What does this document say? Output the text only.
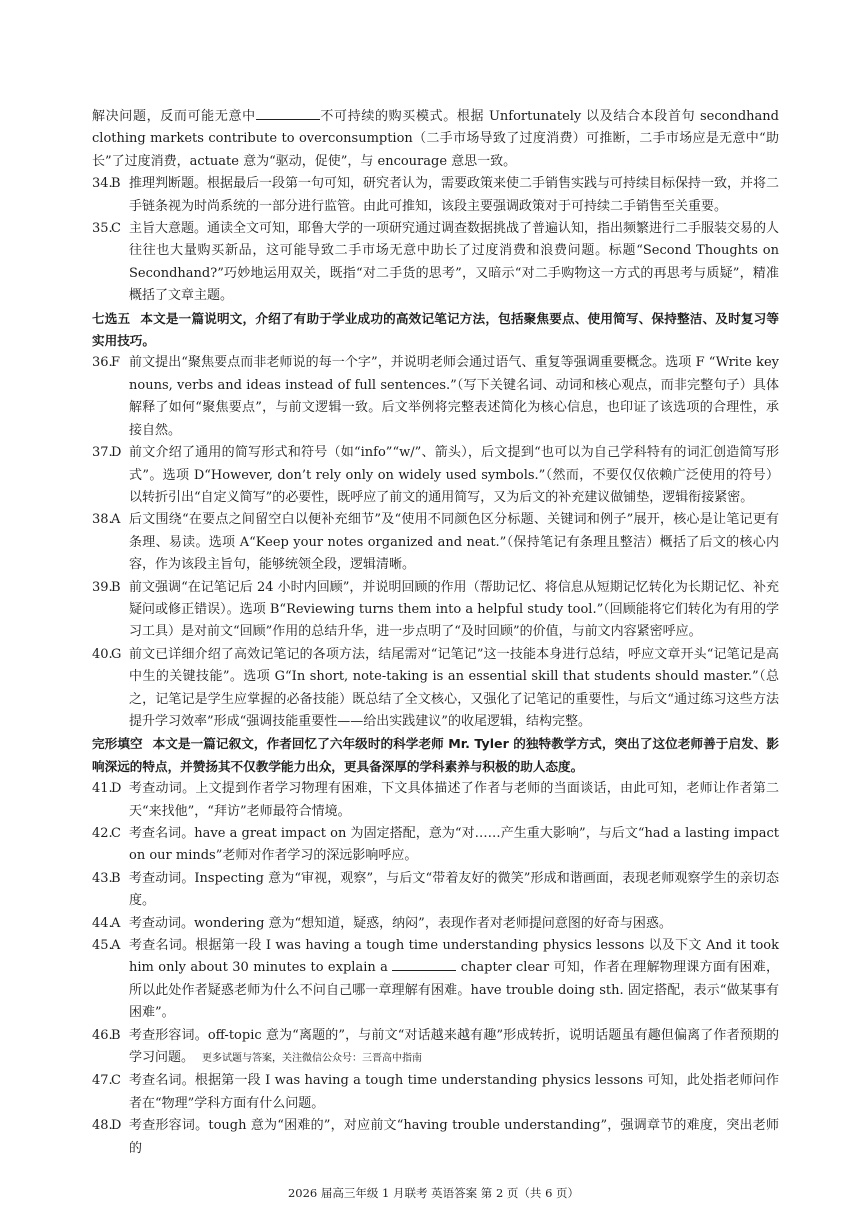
解决问题，反而可能无意中	不可持续的购买模式。根据 Unfortunately 以及结合本段首句 secondhand clothing markets contribute to overconsumption（二手市场导致了过度消费）可推断，二手市场应是无意中“助长”了过度消费，actuate 意为“驱动，促使”，与 encourage 意思一致。

34.B 推理判断题。根据最后一段第一句可知，研究者认为，需要政策来使二手销售实践与可持续目标保持一致，并将二手链条视为时尚系统的一部分进行监管。由此可推知，该段主要强调政策对于可持续二手销售至关重要。

35.C 主旨大意题。通读全文可知，耶鲁大学的一项研究通过调查数据挑战了普遍认知，指出频繁进行二手服装交易的人往往也大量购买新品，这可能导致二手市场无意中助长了过度消费和浪费问题。标题“Second Thoughts on Secondhand?”巧妙地运用双关，既指“对二手货的思考”，又暗示“对二手购物这一方式的再思考与质疑”，精准概括了文章主题。

七选五 本文是一篇说明文，介绍了有助于学业成功的高效记笔记方法，包括聚焦要点、使用简写、保持整洁、及时复习等实用技巧。

36.F 前文提出“聚焦要点而非老师说的每一个字”，并说明老师会通过语气、重复等强调重要概念。选项 F “Write key nouns, verbs and ideas instead of full sentences.”（写下关键名词、动词和核心观点，而非完整句子）具体解释了如何“聚焦要点”，与前文逻辑一致。后文举例将完整表述简化为核心信息，也印证了该选项的合理性，承接自然。

37.D 前文介绍了通用的简写形式和符号（如“info”“w/”、箭头），后文提到“也可以为自己学科特有的词汇创造简写形式”。选项 D“However, don’t rely only on widely used symbols.”（然而，不要仅仅依赖广泛使用的符号）以转折引出“自定义简写”的必要性，既呼应了前文的通用简写，又为后文的补充建议做铺垫，逻辑衔接紧密。

38.A 后文围绕“在要点之间留空白以便补充细节”及“使用不同颜色区分标题、关键词和例子”展开，核心是让笔记更有条理、易读。选项 A“Keep your notes organized and neat.”（保持笔记有条理且整洁）概括了后文的核心内容，作为该段主旨句，能够统领全段，逻辑清晰。

39.B 前文强调“在记笔记后 24 小时内回顾”，并说明回顾的作用（帮助记忆、将信息从短期记忆转化为长期记忆、补充疑问或修正错误）。选项 B“Reviewing turns them into a helpful study tool.”（回顾能将它们转化为有用的学习工具）是对前文“回顾”作用的总结升华，进一步点明了“及时回顾”的价值，与前文内容紧密呼应。

40.G 前文已详细介绍了高效记笔记的各项方法，结尾需对“记笔记”这一技能本身进行总结，呼应文章开头“记笔记是高中生的关键技能”。选项 G“In short, note-taking is an essential skill that students should master.”（总之，记笔记是学生应掌握的必备技能）既总结了全文核心，又强化了记笔记的重要性，与后文“通过练习这些方法提升学习效率”形成“强调技能重要性——给出实践建议”的收尾逻辑，结构完整。

完形填空 本文是一篇记叙文，作者回忆了六年级时的科学老师 Mr. Tyler 的独特教学方式，突出了这位老师善于启发、影响深远的特点，并赞扬其不仅教学能力出众，更具备深厚的学科素养与积极的助人态度。

41.D 考查动词。上文提到作者学习物理有困难，下文具体描述了作者与老师的当面谈话，由此可知，老师让作者第二天“来找他”，“拜访”老师最符合情境。

42.C 考查名词。have a great impact on 为固定搭配，意为“对……产生重大影响”，与后文“had a lasting impact on our minds”老师对作者学习的深远影响呼应。

43.B 考查动词。Inspecting 意为“审视，观察”，与后文“带着友好的微笑”形成和谐画面，表现老师观察学生的亲切态度。

44.A 考查动词。wondering 意为“想知道，疑惑，纳闷”，表现作者对老师提问意图的好奇与困惑。

45.A 考查名词。根据第一段 I was having a tough time understanding physics lessons 以及下文 And it took him only about 30 minutes to explain a	chapter clear 可知，作者在理解物理课方面有困难，所以此处作者疑惑老师为什么不问自己哪一章理解有困难。have trouble doing sth. 固定搭配，表示“做某事有困难”。

46.B 考查形容词。off-topic 意为“离题的”，与前文“对话越来越有趣”形成转折，说明话题虽有趣但偏离了作者预期的学习问题。 更多试题与答案，关注微信公众号：三晋高中指南

47.C 考查名词。根据第一段 I was having a tough time understanding physics lessons 可知，此处指老师问作者在“物理”学科方面有什么问题。

48.D 考查形容词。tough 意为“困难的”，对应前文“having trouble understanding”，强调章节的难度，突出老师的

2026 届高三年级 1 月联考 英语答案 第 2 页（共 6 页）
